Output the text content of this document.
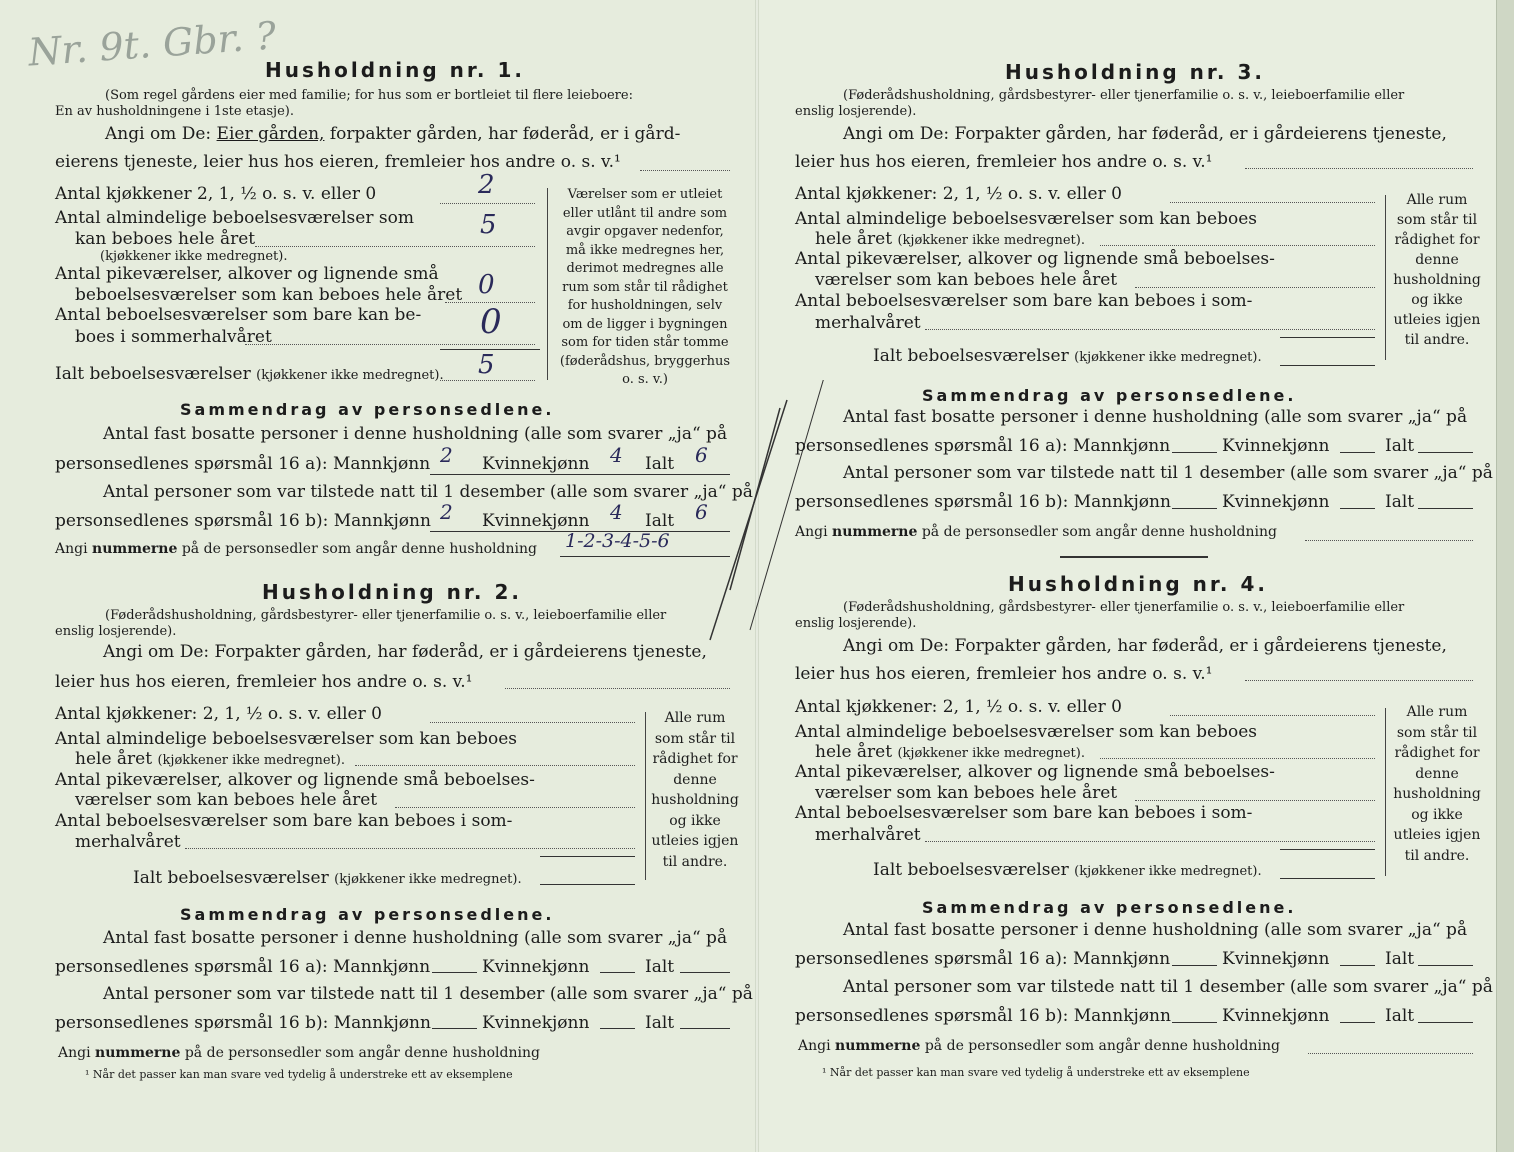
Nr. 9t. Gbr. ?
Husholdning nr. 1.
(Som regel gårdens eier med familie; for hus som er bortleiet til flere leieboere:
En av husholdningene i 1ste etasje).
Angi om De: Eier gården, forpakter gården, har føderåd, er i gård-
eierens tjeneste, leier hus hos eieren, fremleier hos andre o. s. v.¹
Antal kjøkkener 2, 1, ½ o. s. v. eller 0	2
Antal almindelige beboelsesværelser som
kan beboes hele året	5
(kjøkkener ikke medregnet).
Antal pikeværelser, alkover og lignende små
beboelsesværelser som kan beboes hele året 0
Antal beboelsesværelser som bare kan be-
boes i sommerhalvåret	0
Ialt beboelsesværelser (kjøkkener ikke medregnet). 5
Værelser som er utleiet eller utlånt til andre som avgir opgaver nedenfor, må ikke medregnes her, derimot medregnes alle rum som står til rådighet for husholdningen, selv om de ligger i bygningen som for tiden står tomme (føderådshus, bryggerhus o. s. v.)
Sammendrag av personsedlene.
Antal fast bosatte personer i denne husholdning (alle som svarer „ja“ på
personsedlenes spørsmål 16 a): Mannkjønn 2 Kvinnekjønn 4 Ialt 6
Antal personer som var tilstede natt til 1 desember (alle som svarer „ja“ på
personsedlenes spørsmål 16 b): Mannkjønn 2 Kvinnekjønn 4 Ialt 6
Angi nummerne på de personsedler som angår denne husholdning 1-2-3-4-5-6
Husholdning nr. 2.
(Føderådshusholdning, gårdsbestyrer- eller tjenerfamilie o. s. v., leieboerfamilie eller
enslig losjerende).
Angi om De: Forpakter gården, har føderåd, er i gårdeierens tjeneste,
leier hus hos eieren, fremleier hos andre o. s. v.¹
Antal kjøkkener: 2, 1, ½ o. s. v. eller 0
Antal almindelige beboelsesværelser som kan beboes
hele året (kjøkkener ikke medregnet).
Antal pikeværelser, alkover og lignende små beboelses-
værelser som kan beboes hele året
Antal beboelsesværelser som bare kan beboes i som-
merhalvåret
Ialt beboelsesværelser (kjøkkener ikke medregnet).
Alle rum som står til rådighet for denne husholdning og ikke utleies igjen til andre.
Sammendrag av personsedlene.
Antal fast bosatte personer i denne husholdning (alle som svarer „ja“ på
personsedlenes spørsmål 16 a): Mannkjønn	Kvinnekjønn	Ialt
Antal personer som var tilstede natt til 1 desember (alle som svarer „ja“ på
personsedlenes spørsmål 16 b): Mannkjønn	Kvinnekjønn	Ialt
Angi nummerne på de personsedler som angår denne husholdning
¹ Når det passer kan man svare ved tydelig å understreke ett av eksemplene
Husholdning nr. 3.
(Føderådshusholdning, gårdsbestyrer- eller tjenerfamilie o. s. v., leieboerfamilie eller
enslig losjerende).
Angi om De: Forpakter gården, har føderåd, er i gårdeierens tjeneste,
leier hus hos eieren, fremleier hos andre o. s. v.¹
Antal kjøkkener: 2, 1, ½ o. s. v. eller 0
Antal almindelige beboelsesværelser som kan beboes
hele året (kjøkkener ikke medregnet).
Antal pikeværelser, alkover og lignende små beboelses-
værelser som kan beboes hele året
Antal beboelsesværelser som bare kan beboes i som-
merhalvåret
Ialt beboelsesværelser (kjøkkener ikke medregnet).
Alle rum som står til rådighet for denne husholdning og ikke utleies igjen til andre.
Sammendrag av personsedlene.
Antal fast bosatte personer i denne husholdning (alle som svarer „ja“ på
personsedlenes spørsmål 16 a): Mannkjønn	Kvinnekjønn	Ialt
Antal personer som var tilstede natt til 1 desember (alle som svarer „ja“ på
personsedlenes spørsmål 16 b): Mannkjønn	Kvinnekjønn	Ialt
Angi nummerne på de personsedler som angår denne husholdning
Husholdning nr. 4.
(Føderådshusholdning, gårdsbestyrer- eller tjenerfamilie o. s. v., leieboerfamilie eller
enslig losjerende).
Angi om De: Forpakter gården, har føderåd, er i gårdeierens tjeneste,
leier hus hos eieren, fremleier hos andre o. s. v.¹
Antal kjøkkener: 2, 1, ½ o. s. v. eller 0
Antal almindelige beboelsesværelser som kan beboes
hele året (kjøkkener ikke medregnet).
Antal pikeværelser, alkover og lignende små beboelses-
værelser som kan beboes hele året
Antal beboelsesværelser som bare kan beboes i som-
merhalvåret
Ialt beboelsesværelser (kjøkkener ikke medregnet).
Alle rum som står til rådighet for denne husholdning og ikke utleies igjen til andre.
Sammendrag av personsedlene.
Antal fast bosatte personer i denne husholdning (alle som svarer „ja“ på
personsedlenes spørsmål 16 a): Mannkjønn	Kvinnekjønn	Ialt
Antal personer som var tilstede natt til 1 desember (alle som svarer „ja“ på
personsedlenes spørsmål 16 b): Mannkjønn	Kvinnekjønn	Ialt
Angi nummerne på de personsedler som angår denne husholdning
¹ Når det passer kan man svare ved tydelig å understreke ett av eksemplene
